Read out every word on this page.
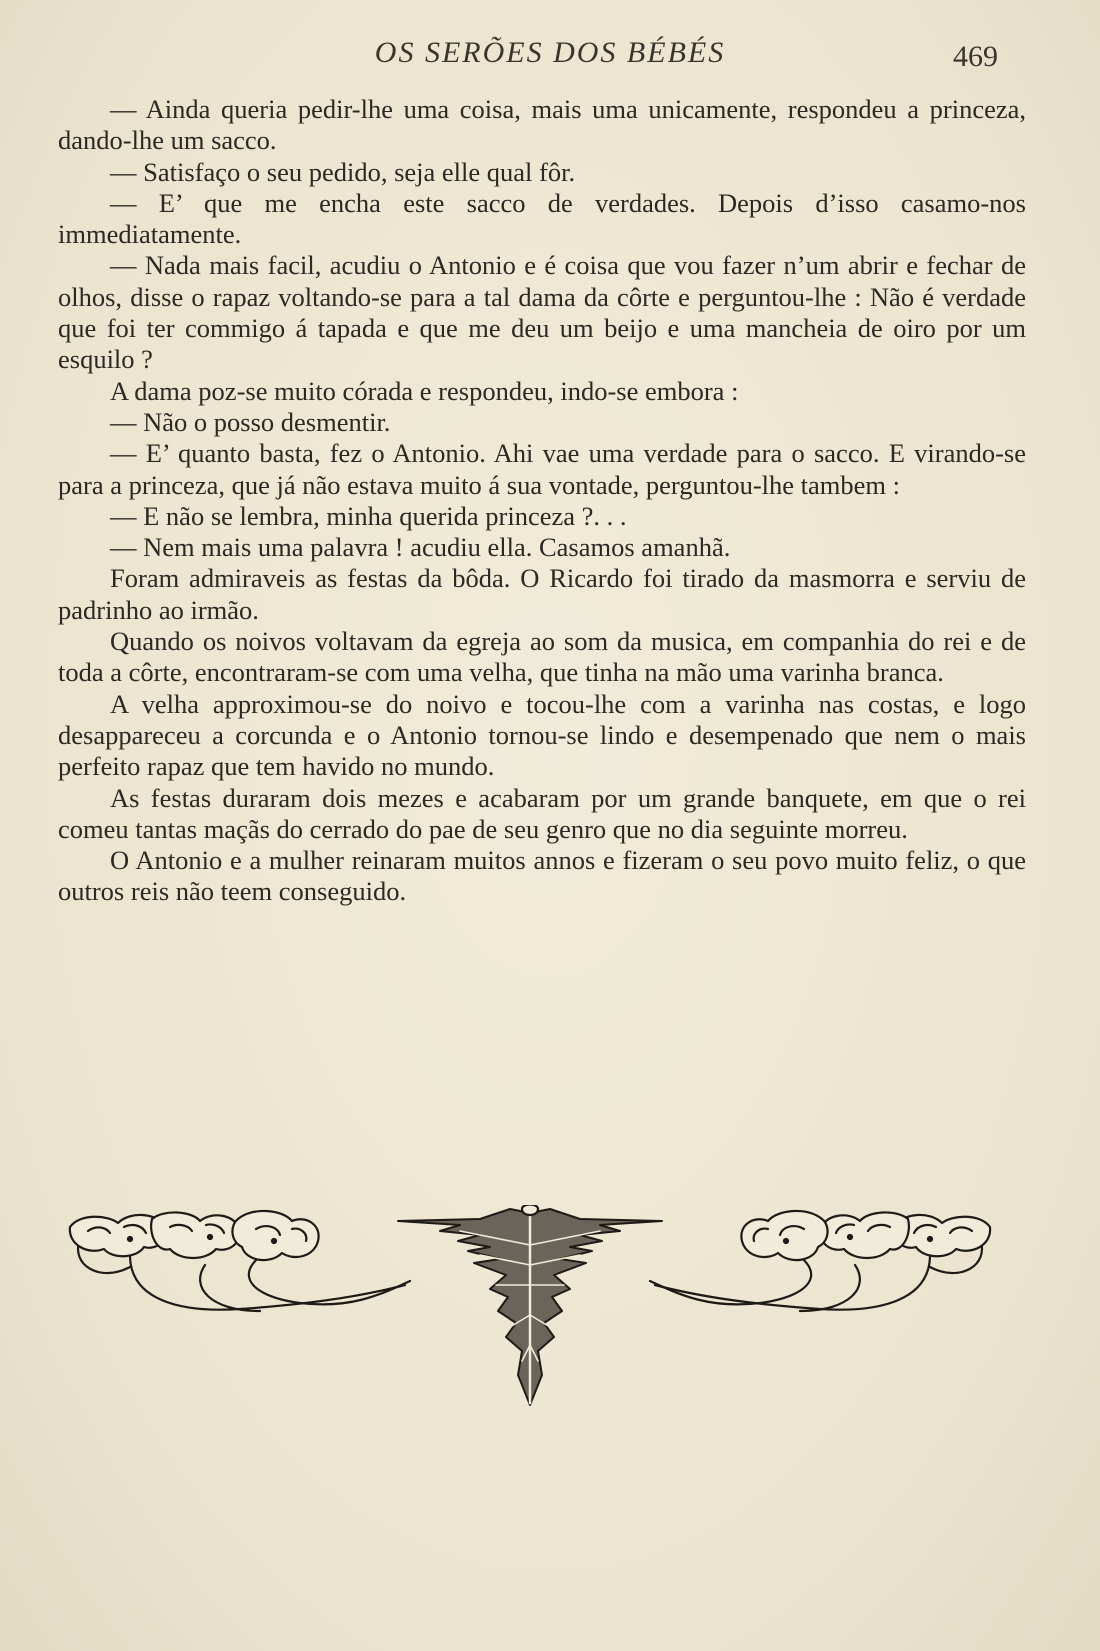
OS SERÕES DOS BÉBÉS	469

— Ainda queria pedir-lhe uma coisa, mais uma unicamente, respondeu a princeza, dando-lhe um sacco.

— Satisfaço o seu pedido, seja elle qual fôr.

— E’ que me encha este sacco de verdades. Depois d’isso casamo-nos immediatamente.

— Nada mais facil, acudiu o Antonio e é coisa que vou fazer n’um abrir e fechar de olhos, disse o rapaz voltando-se para a tal dama da côrte e perguntou-lhe : Não é verdade que foi ter commigo á tapada e que me deu um beijo e uma mancheia de oiro por um esquilo ?

A dama poz-se muito córada e respondeu, indo-se embora :

— Não o posso desmentir.

— E’ quanto basta, fez o Antonio. Ahi vae uma verdade para o sacco. E virando-se para a princeza, que já não estava muito á sua vontade, perguntou-lhe tambem :

— E não se lembra, minha querida princeza ?. . .

— Nem mais uma palavra ! acudiu ella. Casamos amanhã.

Foram admiraveis as festas da bôda. O Ricardo foi tirado da masmorra e serviu de padrinho ao irmão.

Quando os noivos voltavam da egreja ao som da musica, em companhia do rei e de toda a côrte, encontraram-se com uma velha, que tinha na mão uma varinha branca.

A velha approximou-se do noivo e tocou-lhe com a varinha nas costas, e logo desappareceu a corcunda e o Antonio tornou-se lindo e desempenado que nem o mais perfeito rapaz que tem havido no mundo.

As festas duraram dois mezes e acabaram por um grande banquete, em que o rei comeu tantas maçãs do cerrado do pae de seu genro que no dia seguinte morreu.

O Antonio e a mulher reinaram muitos annos e fizeram o seu povo muito feliz, o que outros reis não teem conseguido.
